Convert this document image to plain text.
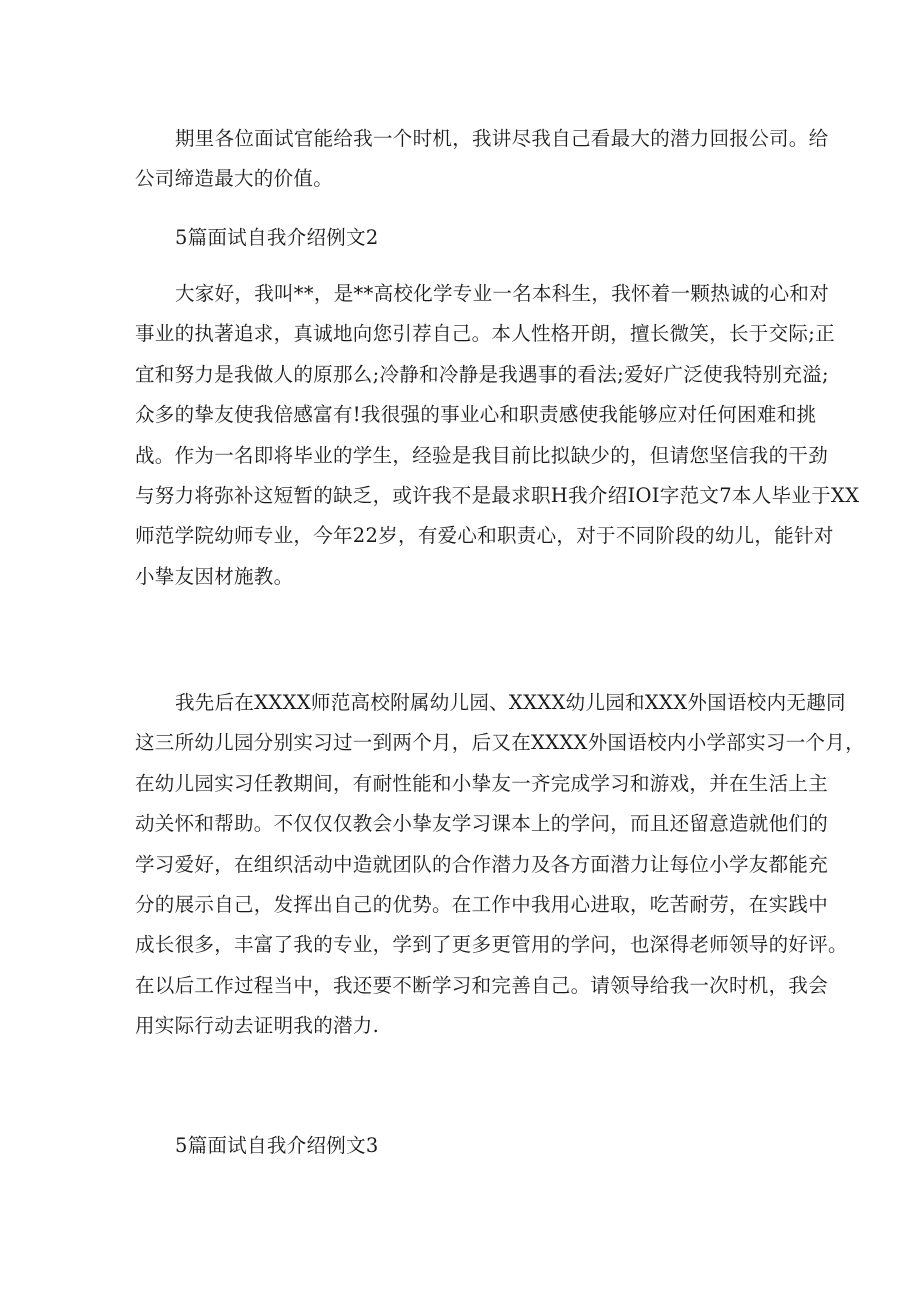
期里各位面试官能给我一个时机，我讲尽我自己看最大的潜力回报公司。给
公司缔造最大的价值。

5篇面试自我介绍例文2

大家好，我叫**，是**高校化学专业一名本科生，我怀着一颗热诚的心和对
事业的执著追求，真诚地向您引荐自己。本人性格开朗，擅长微笑，长于交际;正
宜和努力是我做人的原那么;冷静和冷静是我遇事的看法;爱好广泛使我特别充溢;
众多的挚友使我倍感富有!我很强的事业心和职责感使我能够应对任何困难和挑
战。作为一名即将毕业的学生，经验是我目前比拟缺少的，但请您坚信我的干劲
与努力将弥补这短暂的缺乏，或许我不是最求职H我介绍IOI字范文7本人毕业于XX
师范学院幼师专业，今年22岁，有爱心和职责心，对于不同阶段的幼儿，能针对
小挚友因材施教。

我先后在XXXX师范高校附属幼儿园、XXXX幼儿园和XXX外国语校内无趣同
这三所幼儿园分别实习过一到两个月，后又在XXXX外国语校内小学部实习一个月，
在幼儿园实习任教期间，有耐性能和小挚友一齐完成学习和游戏，并在生活上主
动关怀和帮助。不仅仅仅教会小挚友学习课本上的学问，而且还留意造就他们的
学习爱好，在组织活动中造就团队的合作潜力及各方面潜力让每位小学友都能充
分的展示自己，发挥出自己的优势。在工作中我用心进取，吃苦耐劳，在实践中
成长很多，丰富了我的专业，学到了更多更管用的学问，也深得老师领导的好评。
在以后工作过程当中，我还要不断学习和完善自己。请领导给我一次时机，我会
用实际行动去证明我的潜力.

5篇面试自我介绍例文3
